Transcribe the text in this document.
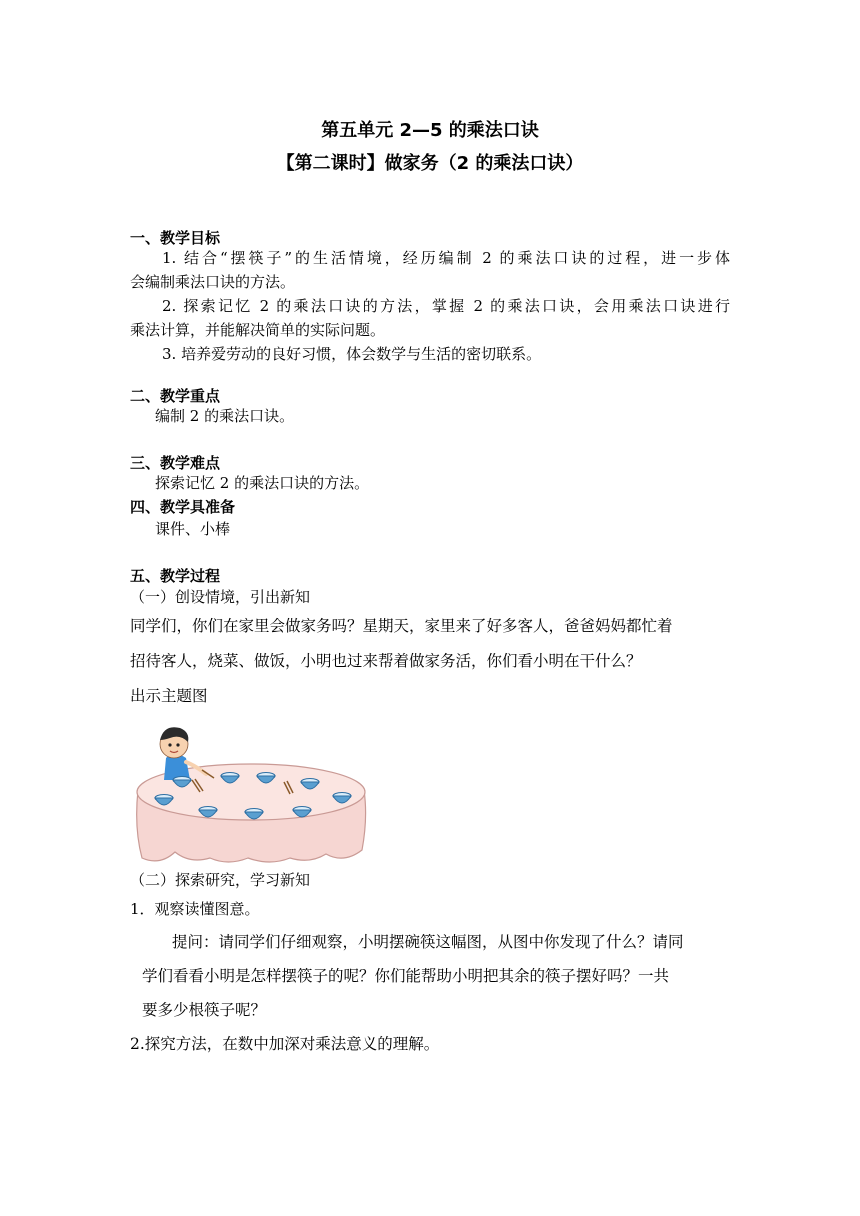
第五单元 2—5 的乘法口诀
【第二课时】做家务（2 的乘法口诀）
一、教学目标
1. 结合“摆筷子”的生活情境，经历编制 2 的乘法口诀的过程，进一步体
会编制乘法口诀的方法。
2. 探索记忆 2 的乘法口诀的方法，掌握 2 的乘法口诀，会用乘法口诀进行
乘法计算，并能解决简单的实际问题。
3. 培养爱劳动的良好习惯，体会数学与生活的密切联系。
二、教学重点
编制 2 的乘法口诀。
三、教学难点
探索记忆 2 的乘法口诀的方法。
四、教学具准备
课件、小棒
五、教学过程
（一）创设情境，引出新知
同学们，你们在家里会做家务吗？星期天，家里来了好多客人，爸爸妈妈都忙着
招待客人，烧菜、做饭，小明也过来帮着做家务活，你们看小明在干什么？
出示主题图
（二）探索研究，学习新知
1．观察读懂图意。
提问：请同学们仔细观察，小明摆碗筷这幅图，从图中你发现了什么？请同
学们看看小明是怎样摆筷子的呢？你们能帮助小明把其余的筷子摆好吗？一共
要多少根筷子呢？
2.探究方法，在数中加深对乘法意义的理解。
